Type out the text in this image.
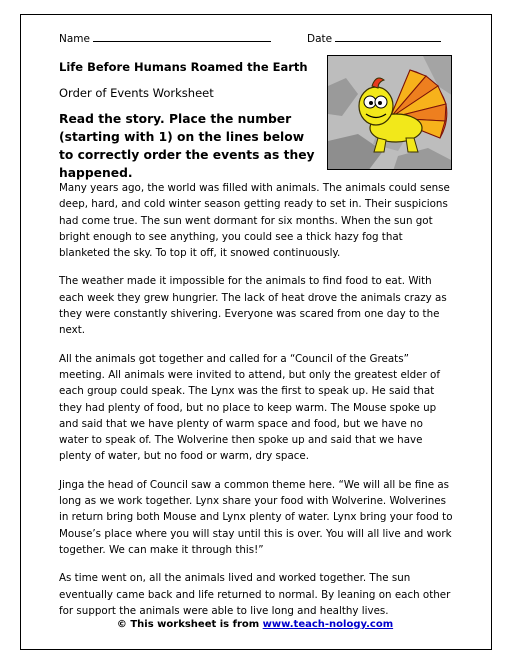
Name	Date
Life Before Humans Roamed the Earth
Order of Events Worksheet
Read the story. Place the number (starting with 1) on the lines below to correctly order the events as they happened.

Many years ago, the world was filled with animals. The animals could sense deep, hard, and cold winter season getting ready to set in. Their suspicions had come true. The sun went dormant for six months. When the sun got bright enough to see anything, you could see a thick hazy fog that blanketed the sky. To top it off, it snowed continuously.

The weather made it impossible for the animals to find food to eat. With each week they grew hungrier. The lack of heat drove the animals crazy as they were constantly shivering. Everyone was scared from one day to the next.

All the animals got together and called for a “Council of the Greats” meeting. All animals were invited to attend, but only the greatest elder of each group could speak. The Lynx was the first to speak up. He said that they had plenty of food, but no place to keep warm. The Mouse spoke up and said that we have plenty of warm space and food, but we have no water to speak of. The Wolverine then spoke up and said that we have plenty of water, but no food or warm, dry space.

Jinga the head of Council saw a common theme here. “We will all be fine as long as we work together. Lynx share your food with Wolverine. Wolverines in return bring both Mouse and Lynx plenty of water. Lynx bring your food to Mouse’s place where you will stay until this is over. You will all live and work together. We can make it through this!”

As time went on, all the animals lived and worked together. The sun eventually came back and life returned to normal. By leaning on each other for support the animals were able to live long and healthy lives.

© This worksheet is from www.teach-nology.com
